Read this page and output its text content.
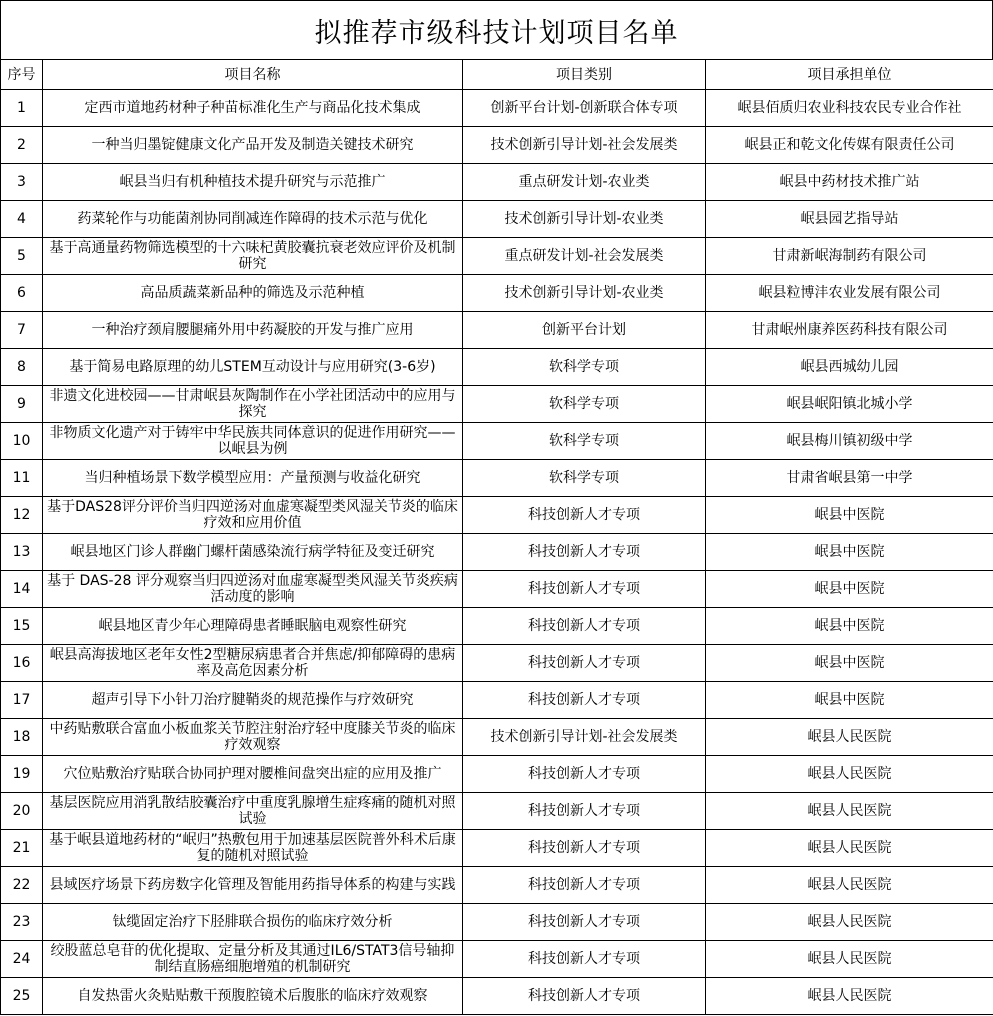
拟推荐市级科技计划项目名单
序号	项目名称	项目类别	项目承担单位
1	定西市道地药材种子种苗标准化生产与商品化技术集成	创新平台计划-创新联合体专项	岷县佰质归农业科技农民专业合作社
2	一种当归墨锭健康文化产品开发及制造关键技术研究	技术创新引导计划-社会发展类	岷县正和乾文化传媒有限责任公司
3	岷县当归有机种植技术提升研究与示范推广	重点研发计划-农业类	岷县中药材技术推广站
4	药菜轮作与功能菌剂协同削减连作障碍的技术示范与优化	技术创新引导计划-农业类	岷县园艺指导站
5	基于高通量药物筛选模型的十六味杞黄胶囊抗衰老效应评价及机制研究	重点研发计划-社会发展类	甘肃新岷海制药有限公司
6	高品质蔬菜新品种的筛选及示范种植	技术创新引导计划-农业类	岷县粒博沣农业发展有限公司
7	一种治疗颈肩腰腿痛外用中药凝胶的开发与推广应用	创新平台计划	甘肃岷州康养医药科技有限公司
8	基于简易电路原理的幼儿STEM互动设计与应用研究(3-6岁)	软科学专项	岷县西城幼儿园
9	非遗文化进校园——甘肃岷县灰陶制作在小学社团活动中的应用与探究	软科学专项	岷县岷阳镇北城小学
10	非物质文化遗产对于铸牢中华民族共同体意识的促进作用研究——以岷县为例	软科学专项	岷县梅川镇初级中学
11	当归种植场景下数学模型应用：产量预测与收益化研究	软科学专项	甘肃省岷县第一中学
12	基于DAS28评分评价当归四逆汤对血虚寒凝型类风湿关节炎的临床疗效和应用价值	科技创新人才专项	岷县中医院
13	岷县地区门诊人群幽门螺杆菌感染流行病学特征及变迁研究	科技创新人才专项	岷县中医院
14	基于 DAS-28 评分观察当归四逆汤对血虚寒凝型类风湿关节炎疾病活动度的影响	科技创新人才专项	岷县中医院
15	岷县地区青少年心理障碍患者睡眠脑电观察性研究	科技创新人才专项	岷县中医院
16	岷县高海拔地区老年女性2型糖尿病患者合并焦虑/抑郁障碍的患病率及高危因素分析	科技创新人才专项	岷县中医院
17	超声引导下小针刀治疗腱鞘炎的规范操作与疗效研究	科技创新人才专项	岷县中医院
18	中药贴敷联合富血小板血浆关节腔注射治疗轻中度膝关节炎的临床疗效观察	技术创新引导计划-社会发展类	岷县人民医院
19	穴位贴敷治疗贴联合协同护理对腰椎间盘突出症的应用及推广	科技创新人才专项	岷县人民医院
20	基层医院应用消乳散结胶囊治疗中重度乳腺增生症疼痛的随机对照试验	科技创新人才专项	岷县人民医院
21	基于岷县道地药材的“岷归”热敷包用于加速基层医院普外科术后康复的随机对照试验	科技创新人才专项	岷县人民医院
22	县域医疗场景下药房数字化管理及智能用药指导体系的构建与实践	科技创新人才专项	岷县人民医院
23	钛缆固定治疗下胫腓联合损伤的临床疗效分析	科技创新人才专项	岷县人民医院
24	绞股蓝总皂苷的优化提取、定量分析及其通过IL6/STAT3信号轴抑制结直肠癌细胞增殖的机制研究	科技创新人才专项	岷县人民医院
25	自发热雷火灸贴贴敷干预腹腔镜术后腹胀的临床疗效观察	科技创新人才专项	岷县人民医院
